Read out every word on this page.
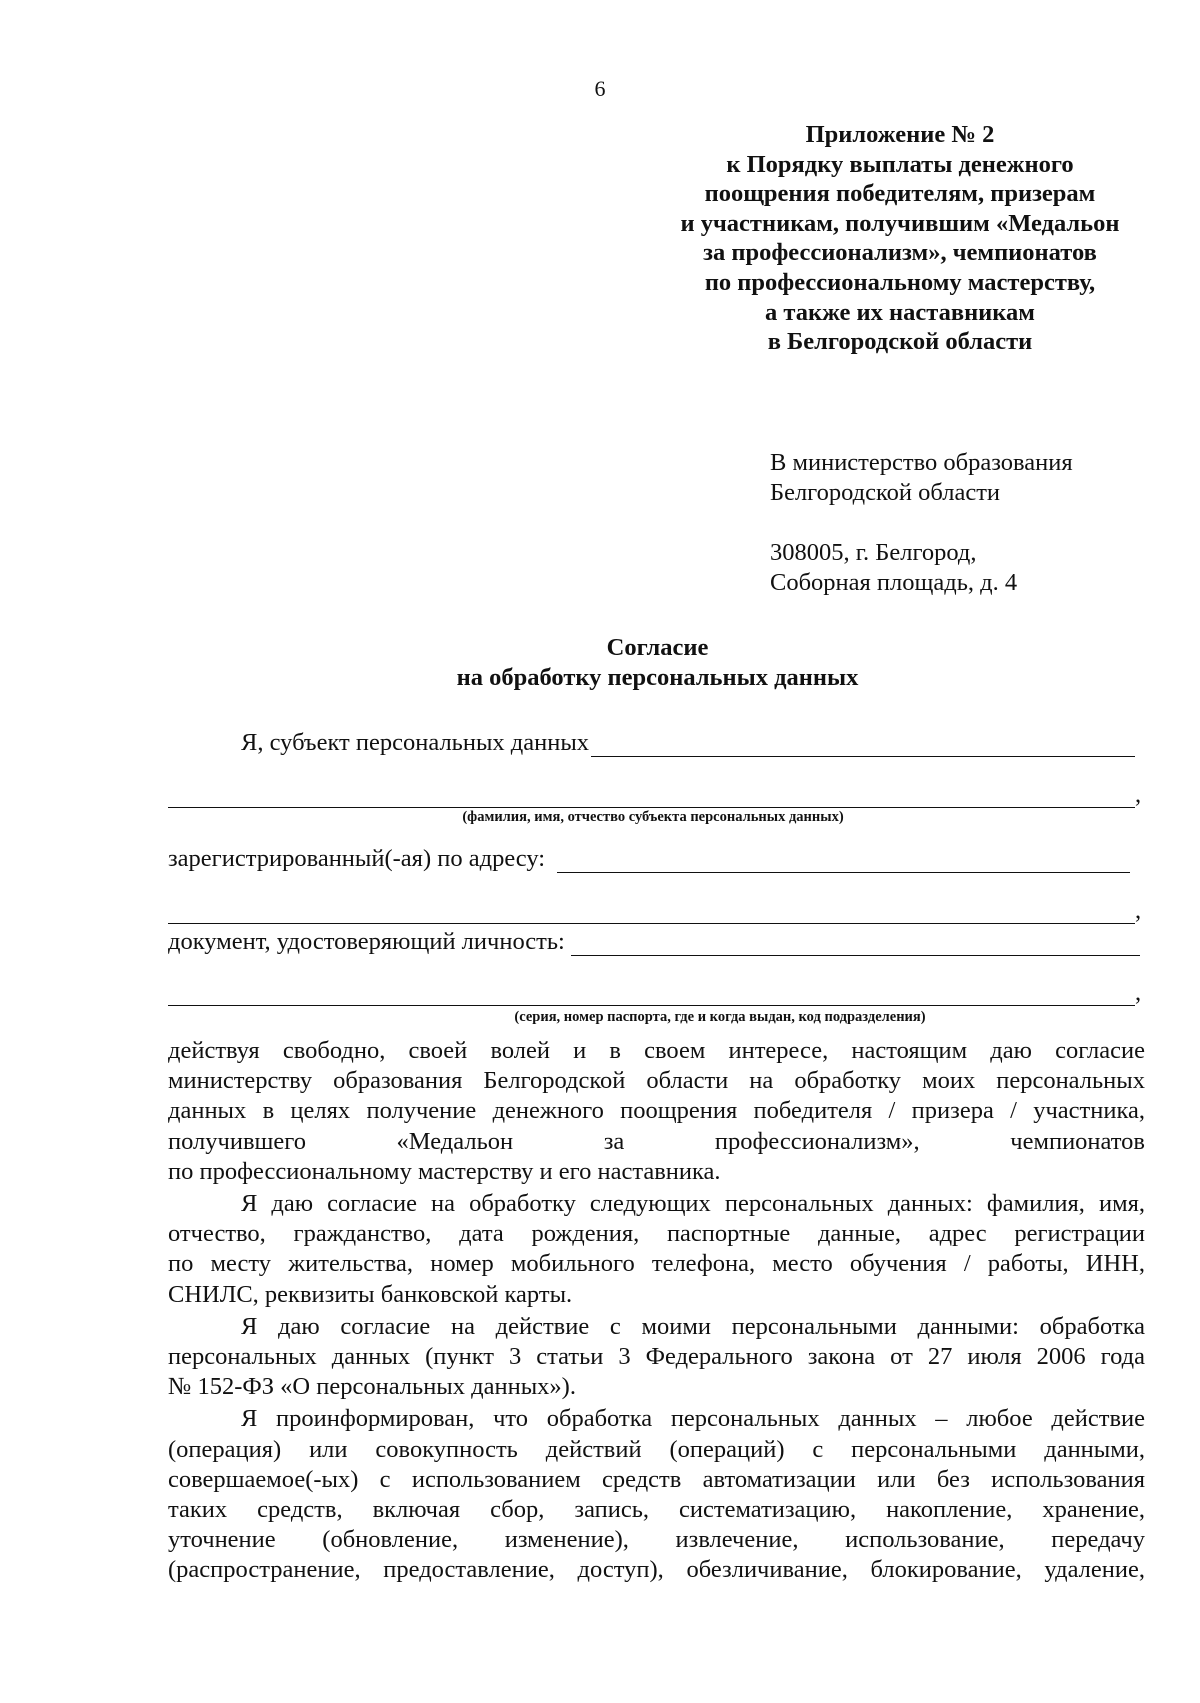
6
Приложение № 2
к Порядку выплаты денежного
поощрения победителям, призерам
и участникам, получившим «Медальон
за профессионализм», чемпионатов
по профессиональному мастерству,
а также их наставникам
в Белгородской области
В министерство образования
Белгородской области
308005, г. Белгород,
Соборная площадь, д. 4
Согласие
на обработку персональных данных
Я, субъект персональных данных
,
(фамилия, имя, отчество субъекта персональных данных)
зарегистрированный(-ая) по адресу:
,
документ, удостоверяющий личность:
,
(серия, номер паспорта, где и когда выдан, код подразделения)

действуя свободно, своей волей и в своем интересе, настоящим даю согласие
министерству образования Белгородской области на обработку моих персональных
данных в целях получение денежного поощрения победителя / призера / участника,
получившего «Медальон за профессионализм», чемпионатов
по профессиональному мастерству и его наставника.

Я даю согласие на обработку следующих персональных данных: фамилия, имя,
отчество, гражданство, дата рождения, паспортные данные, адрес регистрации
по месту жительства, номер мобильного телефона, место обучения / работы, ИНН,
СНИЛС, реквизиты банковской карты.

Я даю согласие на действие с моими персональными данными: обработка
персональных данных (пункт 3 статьи 3 Федерального закона от 27 июля 2006 года
№ 152-ФЗ «О персональных данных»).

Я проинформирован, что обработка персональных данных – любое действие
(операция) или совокупность действий (операций) с персональными данными,
совершаемое(-ых) с использованием средств автоматизации или без использования
таких средств, включая сбор, запись, систематизацию, накопление, хранение,
уточнение (обновление, изменение), извлечение, использование, передачу
(распространение, предоставление, доступ), обезличивание, блокирование, удаление,
